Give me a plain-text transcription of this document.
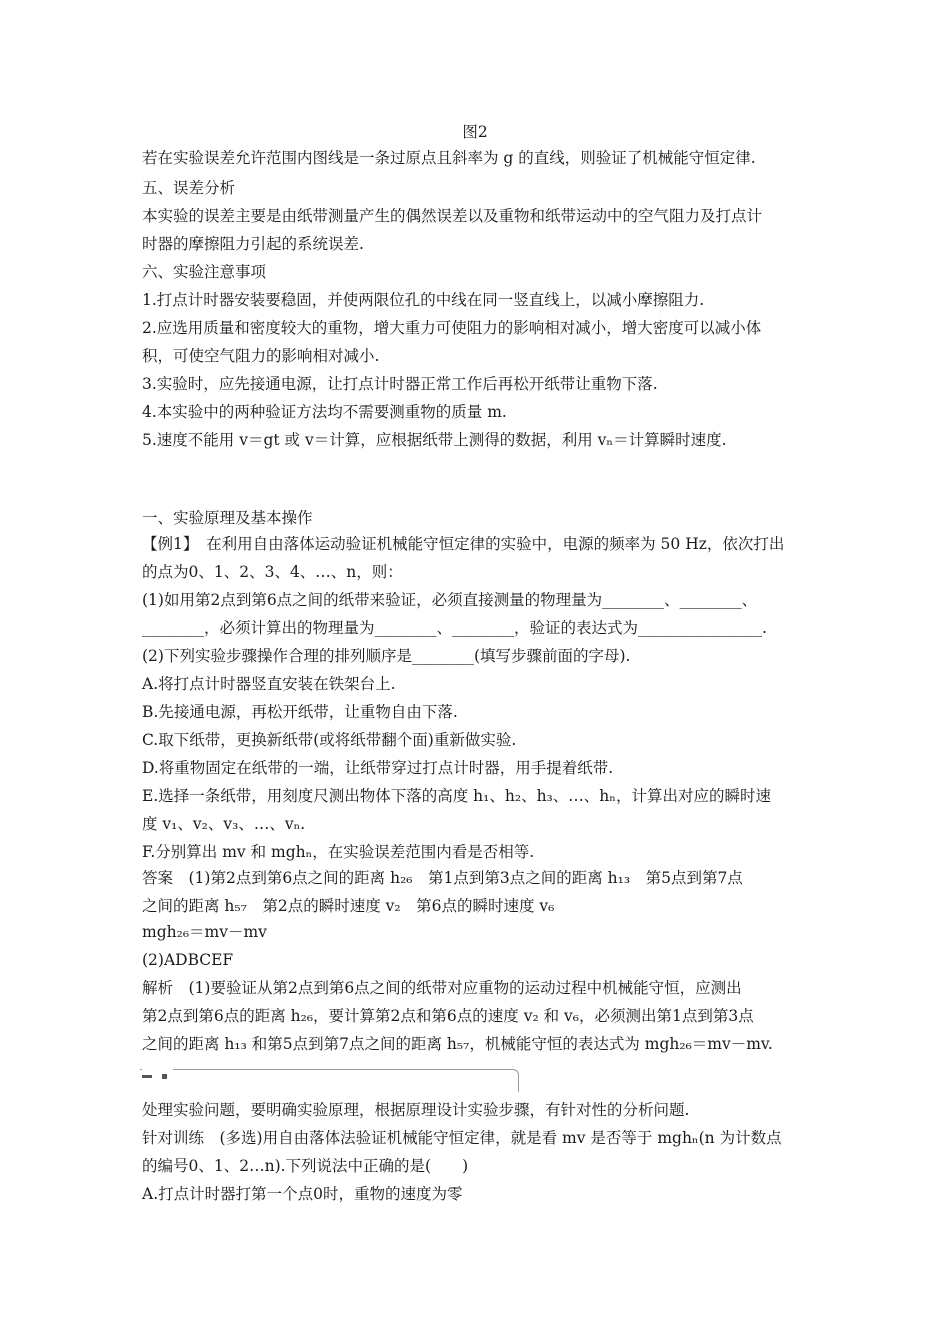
图2
若在实验误差允许范围内图线是一条过原点且斜率为 g 的直线，则验证了机械能守恒定律.
五、误差分析
本实验的误差主要是由纸带测量产生的偶然误差以及重物和纸带运动中的空气阻力及打点计
时器的摩擦阻力引起的系统误差.
六、实验注意事项
1.打点计时器安装要稳固，并使两限位孔的中线在同一竖直线上，以减小摩擦阻力.
2.应选用质量和密度较大的重物，增大重力可使阻力的影响相对减小，增大密度可以减小体
积，可使空气阻力的影响相对减小.
3.实验时，应先接通电源，让打点计时器正常工作后再松开纸带让重物下落.
4.本实验中的两种验证方法均不需要测重物的质量 m.
5.速度不能用 v＝gt 或 v＝计算，应根据纸带上测得的数据，利用 vₙ＝计算瞬时速度.
一、实验原理及基本操作
【例1】　在利用自由落体运动验证机械能守恒定律的实验中，电源的频率为 50 Hz，依次打出
的点为0、1、2、3、4、…、n，则：
(1)如用第2点到第6点之间的纸带来验证，必须直接测量的物理量为________、________、
________，必须计算出的物理量为________、________，验证的表达式为________________.
(2)下列实验步骤操作合理的排列顺序是________(填写步骤前面的字母).
A.将打点计时器竖直安装在铁架台上.
B.先接通电源，再松开纸带，让重物自由下落.
C.取下纸带，更换新纸带(或将纸带翻个面)重新做实验.
D.将重物固定在纸带的一端，让纸带穿过打点计时器，用手提着纸带.
E.选择一条纸带，用刻度尺测出物体下落的高度 h₁、h₂、h₃、…、hₙ，计算出对应的瞬时速
度 v₁、v₂、v₃、…、vₙ.
F.分别算出 mv 和 mghₙ，在实验误差范围内看是否相等.
答案　(1)第2点到第6点之间的距离 h₂₆　第1点到第3点之间的距离 h₁₃　第5点到第7点
之间的距离 h₅₇　第2点的瞬时速度 v₂　第6点的瞬时速度 v₆
mgh₂₆＝mv－mv
(2)ADBCEF
解析　(1)要验证从第2点到第6点之间的纸带对应重物的运动过程中机械能守恒，应测出
第2点到第6点的距离 h₂₆，要计算第2点和第6点的速度 v₂ 和 v₆，必须测出第1点到第3点
之间的距离 h₁₃ 和第5点到第7点之间的距离 h₅₇，机械能守恒的表达式为 mgh₂₆＝mv－mv.
处理实验问题，要明确实验原理，根据原理设计实验步骤，有针对性的分析问题.
针对训练　(多选)用自由落体法验证机械能守恒定律，就是看 mv 是否等于 mghₙ(n 为计数点
的编号0、1、2…n).下列说法中正确的是(　　)
A.打点计时器打第一个点0时，重物的速度为零
